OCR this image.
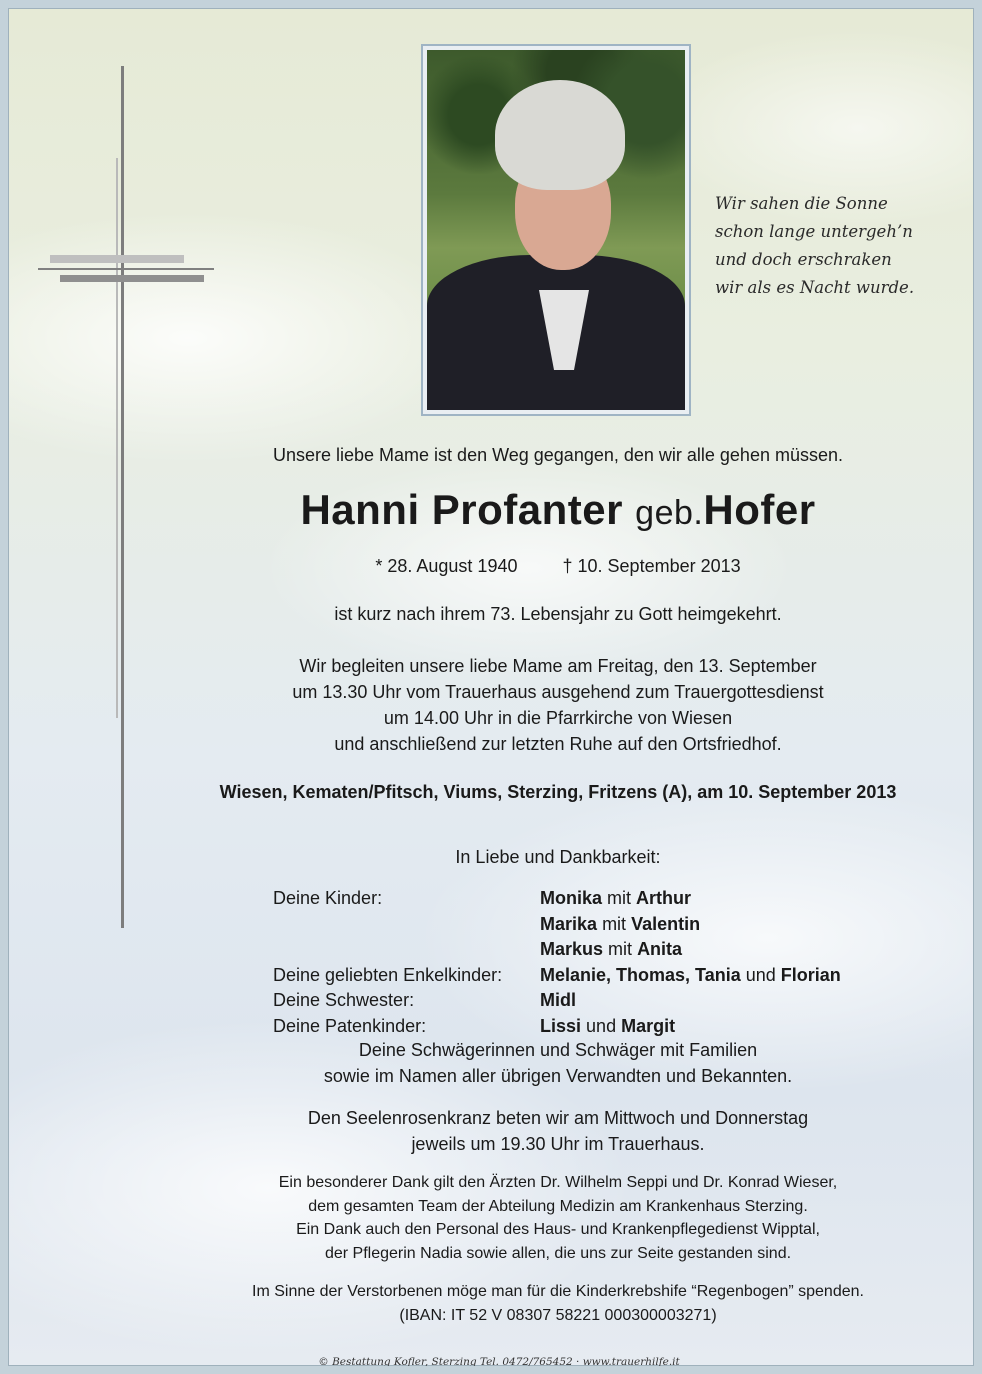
Wir sahen die Sonne
schon lange untergeh’n
und doch erschraken
wir als es Nacht wurde.
Unsere liebe Mame ist den Weg gegangen, den wir alle gehen müssen.
Hanni Profanter geb.Hofer
* 28. August 1940	† 10. September 2013
ist kurz nach ihrem 73. Lebensjahr zu Gott heimgekehrt.
Wir begleiten unsere liebe Mame am Freitag, den 13. September
um 13.30 Uhr vom Trauerhaus ausgehend zum Trauergottesdienst
um 14.00 Uhr in die Pfarrkirche von Wiesen
und anschließend zur letzten Ruhe auf den Ortsfriedhof.
Wiesen, Kematen/Pfitsch, Viums, Sterzing, Fritzens (A), am 10. September 2013
In Liebe und Dankbarkeit:
Deine Kinder:	Monika mit Arthur
Marika mit Valentin
Markus mit Anita
Deine geliebten Enkelkinder:	Melanie, Thomas, Tania und Florian
Deine Schwester:	Midl
Deine Patenkinder:	Lissi und Margit
Deine Schwägerinnen und Schwäger mit Familien
sowie im Namen aller übrigen Verwandten und Bekannten.
Den Seelenrosenkranz beten wir am Mittwoch und Donnerstag
jeweils um 19.30 Uhr im Trauerhaus.
Ein besonderer Dank gilt den Ärzten Dr. Wilhelm Seppi und Dr. Konrad Wieser,
dem gesamten Team der Abteilung Medizin am Krankenhaus Sterzing.
Ein Dank auch den Personal des Haus- und Krankenpflegedienst Wipptal,
der Pflegerin Nadia sowie allen, die uns zur Seite gestanden sind.
Im Sinne der Verstorbenen möge man für die Kinderkrebshife “Regenbogen” spenden.
(IBAN: IT 52 V 08307 58221 000300003271)
© Bestattung Kofler, Sterzing Tel. 0472/765452 · www.trauerhilfe.it
